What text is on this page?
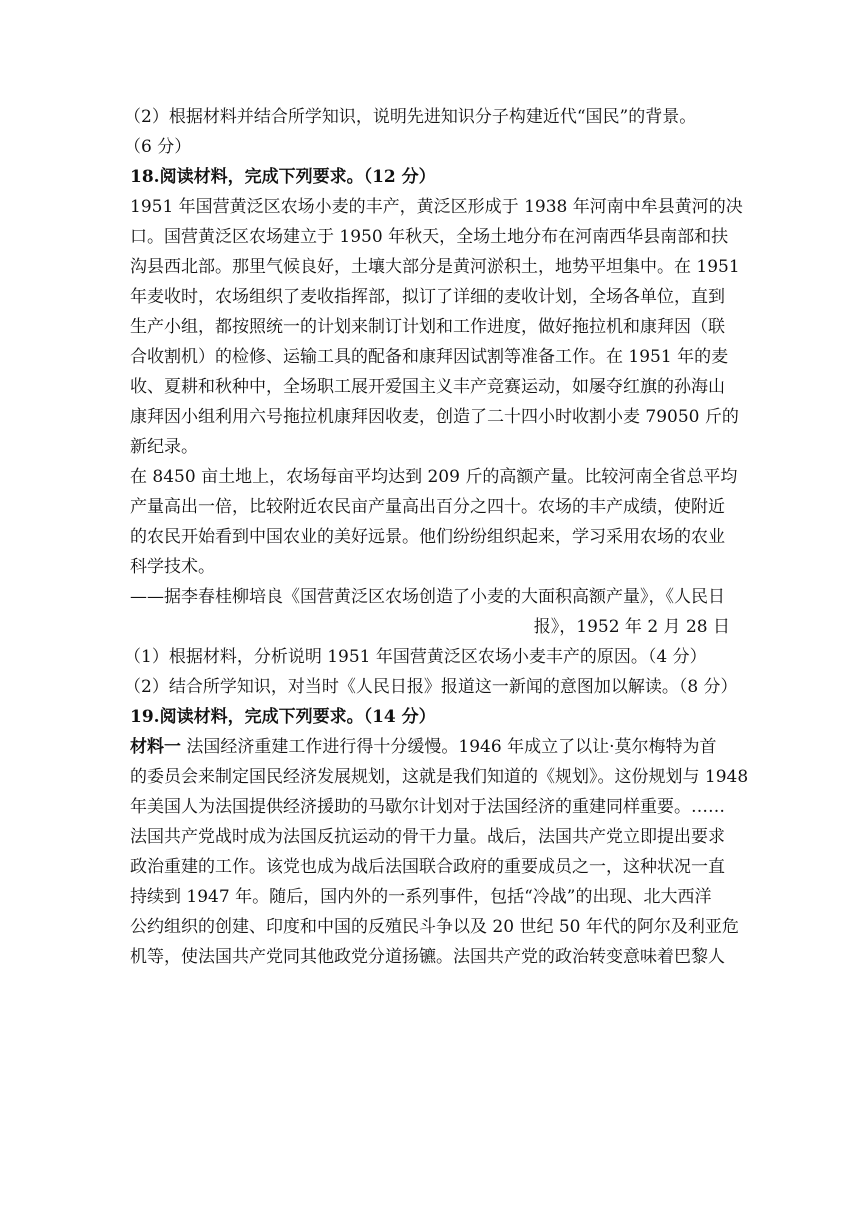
（2）根据材料并结合所学知识，说明先进知识分子构建近代“国民”的背景。
（6 分）
18.阅读材料，完成下列要求。（12 分）
1951 年国营黄泛区农场小麦的丰产，黄泛区形成于 1938 年河南中牟县黄河的决
口。国营黄泛区农场建立于 1950 年秋天，全场土地分布在河南西华县南部和扶
沟县西北部。那里气候良好，土壤大部分是黄河淤积土，地势平坦集中。在 1951
年麦收时，农场组织了麦收指挥部，拟订了详细的麦收计划，全场各单位，直到
生产小组，都按照统一的计划来制订计划和工作进度，做好拖拉机和康拜因（联
合收割机）的检修、运输工具的配备和康拜因试割等准备工作。在 1951 年的麦
收、夏耕和秋种中，全场职工展开爱国主义丰产竞赛运动，如屡夺红旗的孙海山
康拜因小组利用六号拖拉机康拜因收麦，创造了二十四小时收割小麦 79050 斤的
新纪录。
在 8450 亩土地上，农场每亩平均达到 209 斤的高额产量。比较河南全省总平均
产量高出一倍，比较附近农民亩产量高出百分之四十。农场的丰产成绩，使附近
的农民开始看到中国农业的美好远景。他们纷纷组织起来，学习采用农场的农业
科学技术。
——据李春桂柳培良《国营黄泛区农场创造了小麦的大面积高额产量》，《人民日
报》，1952 年 2 月 28 日
（1）根据材料，分析说明 1951 年国营黄泛区农场小麦丰产的原因。（4 分）
（2）结合所学知识，对当时《人民日报》报道这一新闻的意图加以解读。（8 分）
19.阅读材料，完成下列要求。（14 分）
材料一 法国经济重建工作进行得十分缓慢。1946 年成立了以让·莫尔梅特为首
的委员会来制定国民经济发展规划，这就是我们知道的《规划》。这份规划与 1948
年美国人为法国提供经济援助的马歇尔计划对于法国经济的重建同样重要。……
法国共产党战时成为法国反抗运动的骨干力量。战后，法国共产党立即提出要求
政治重建的工作。该党也成为战后法国联合政府的重要成员之一，这种状况一直
持续到 1947 年。随后，国内外的一系列事件，包括“冷战”的出现、北大西洋
公约组织的创建、印度和中国的反殖民斗争以及 20 世纪 50 年代的阿尔及利亚危
机等，使法国共产党同其他政党分道扬镳。法国共产党的政治转变意味着巴黎人
